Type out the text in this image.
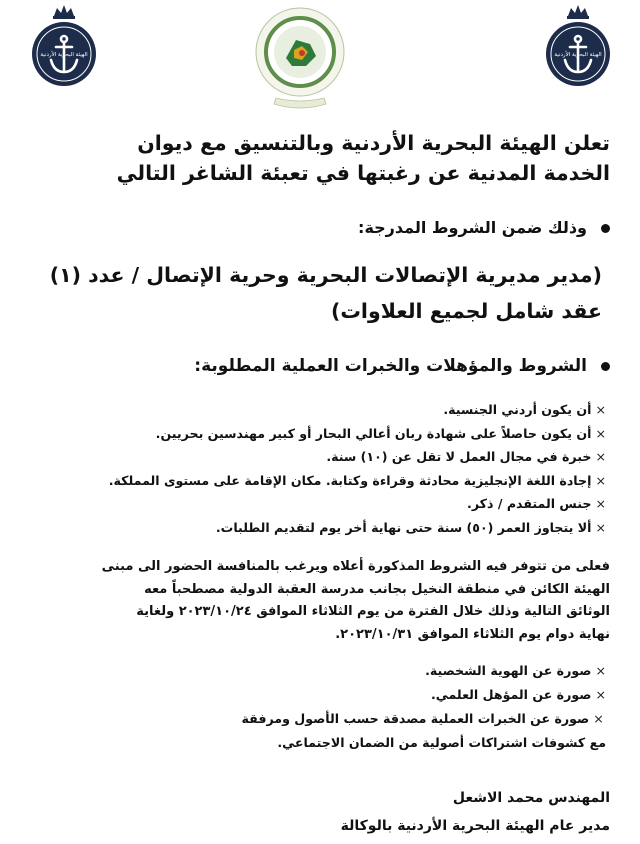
الهيئة البحرية الأردنية	الهيئة البحرية الأردنية
تعلن الهيئة البحرية الأردنية وبالتنسيق مع ديوان
الخدمة المدنية عن رغبتها في تعبئة الشاغر التالي
وذلك ضمن الشروط المدرجة:
(مدير مديرية الإتصالات البحرية وحرية الإتصال / عدد (١)
عقد شامل لجميع العلاوات)
الشروط والمؤهلات والخبرات العملية المطلوبة:
×أن يكون أردني الجنسية.
×أن يكون حاصلاً على شهادة ربان أعالي البحار أو كبير مهندسين بحريين.
×خبرة في مجال العمل لا تقل عن (١٠) سنة.
×إجادة اللغة الإنجليزية محادثة وقراءة وكتابة. مكان الإقامة على مستوى المملكة.
×جنس المتقدم / ذكر.
×ألا يتجاوز العمر (٥٠) سنة حتى نهاية أخر يوم لتقديم الطلبات.
فعلى من تتوفر فيه الشروط المذكورة أعلاه ويرغب بالمنافسة الحضور الى مبنى
الهيئة الكائن في منطقة النخيل بجانب مدرسة العقبة الدولية مصطحباً معه
الوثائق التالية وذلك خلال الفترة من يوم الثلاثاء الموافق ٢٠٢٣/١٠/٢٤ ولغاية
نهاية دوام يوم الثلاثاء الموافق ٢٠٢٣/١٠/٣١.
×صورة عن الهوية الشخصية.
×صورة عن المؤهل العلمي.
×صورة عن الخبرات العملية مصدقة حسب الأصول ومرفقة
مع كشوفات اشتراكات أصولية من الضمان الاجتماعي.
المهندس محمد الاشعل
مدير عام الهيئة البحرية الأردنية بالوكالة
